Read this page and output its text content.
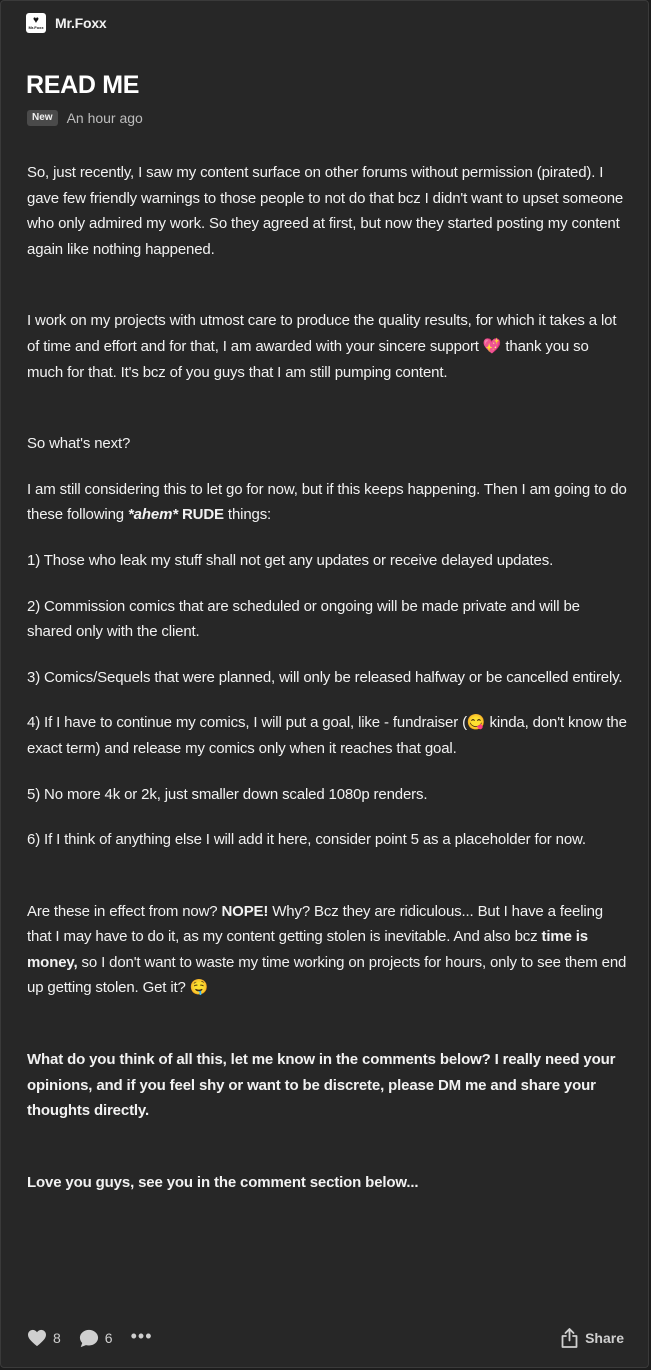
♥
Mr.Foxx Mr.Foxx
READ ME
New	An hour ago

So, just recently, I saw my content surface on other forums without permission (pirated). I gave few friendly warnings to those people to not do that bcz I didn't want to upset someone who only admired my work. So they agreed at first, but now they started posting my content again like nothing happened.

I work on my projects with utmost care to produce the quality results, for which it takes a lot of time and effort and for that, I am awarded with your sincere support 💖 thank you so much for that. It's bcz of you guys that I am still pumping content.

So what's next?

I am still considering this to let go for now, but if this keeps happening. Then I am going to do these following *ahem* RUDE things:

1) Those who leak my stuff shall not get any updates or receive delayed updates.

2) Commission comics that are scheduled or ongoing will be made private and will be shared only with the client.

3) Comics/Sequels that were planned, will only be released halfway or be cancelled entirely.

4) If I have to continue my comics, I will put a goal, like - fundraiser (😋 kinda, don't know the exact term) and release my comics only when it reaches that goal.

5) No more 4k or 2k, just smaller down scaled 1080p renders.

6) If I think of anything else I will add it here, consider point 5 as a placeholder for now.

Are these in effect from now? NOPE! Why? Bcz they are ridiculous... But I have a feeling that I may have to do it, as my content getting stolen is inevitable. And also bcz time is money, so I don't want to waste my time working on projects for hours, only to see them end up getting stolen. Get it? 🤤

What do you think of all this, let me know in the comments below? I really need your opinions, and if you feel shy or want to be discrete, please DM me and share your thoughts directly.

Love you guys, see you in the comment section below...

8	6 •••	Share
